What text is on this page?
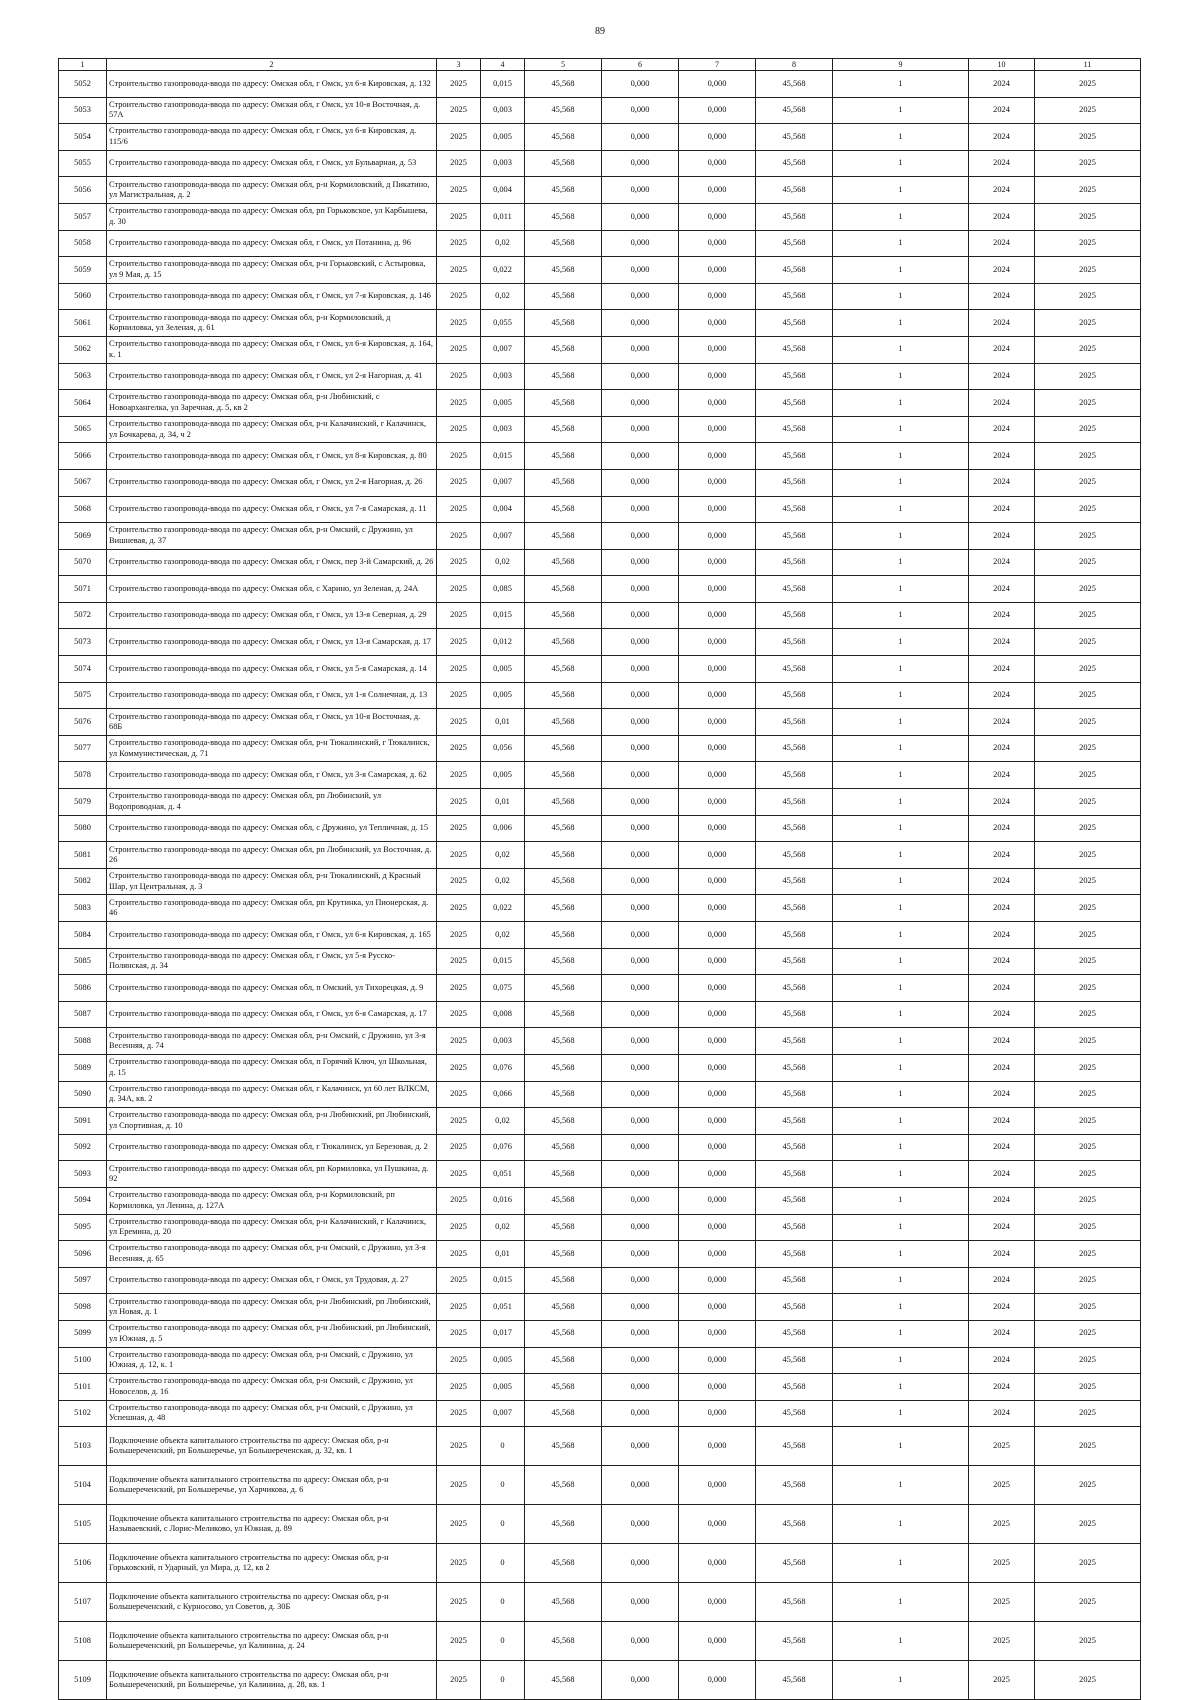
89
1	2	3	4	5	6	7	8	9	10	11
5052	Строительство газопровода-ввода по адресу: Омская обл, г Омск, ул 6-я Кировская, д. 132	2025	0,015	45,568	0,000	0,000	45,568	1	2024	2025
5053	Строительство газопровода-ввода по адресу: Омская обл, г Омск, ул 10-я Восточная, д. 57А	2025	0,003	45,568	0,000	0,000	45,568	1	2024	2025
5054	Строительство газопровода-ввода по адресу: Омская обл, г Омск, ул 6-я Кировская, д. 115/6	2025	0,005	45,568	0,000	0,000	45,568	1	2024	2025
5055	Строительство газопровода-ввода по адресу: Омская обл, г Омск, ул Бульварная, д. 53	2025	0,003	45,568	0,000	0,000	45,568	1	2024	2025
5056	Строительство газопровода-ввода по адресу: Омская обл, р-н Кормиловский, д Пикатино, ул Магистральная, д. 2	2025	0,004	45,568	0,000	0,000	45,568	1	2024	2025
5057	Строительство газопровода-ввода по адресу: Омская обл, рп Горьковское, ул Карбышева, д. 30	2025	0,011	45,568	0,000	0,000	45,568	1	2024	2025
5058	Строительство газопровода-ввода по адресу: Омская обл, г Омск, ул Потанина, д. 96	2025	0,02	45,568	0,000	0,000	45,568	1	2024	2025
5059	Строительство газопровода-ввода по адресу: Омская обл, р-н Горьковский, с Астыровка, ул 9 Мая, д. 15	2025	0,022	45,568	0,000	0,000	45,568	1	2024	2025
5060	Строительство газопровода-ввода по адресу: Омская обл, г Омск, ул 7-я Кировская, д. 146	2025	0,02	45,568	0,000	0,000	45,568	1	2024	2025
5061	Строительство газопровода-ввода по адресу: Омская обл, р-н Кормиловский, д Корниловка, ул Зеленая, д. 61	2025	0,055	45,568	0,000	0,000	45,568	1	2024	2025
5062	Строительство газопровода-ввода по адресу: Омская обл, г Омск, ул 6-я Кировская, д. 164, к. 1	2025	0,007	45,568	0,000	0,000	45,568	1	2024	2025
5063	Строительство газопровода-ввода по адресу: Омская обл, г Омск, ул 2-я Нагорная, д. 41	2025	0,003	45,568	0,000	0,000	45,568	1	2024	2025
5064	Строительство газопровода-ввода по адресу: Омская обл, р-н Любинский, с Новоархангелка, ул Заречная, д. 5, кв 2	2025	0,005	45,568	0,000	0,000	45,568	1	2024	2025
5065	Строительство газопровода-ввода по адресу: Омская обл, р-н Калачинский, г Калачинск, ул Бочкарева, д. 34, ч 2	2025	0,003	45,568	0,000	0,000	45,568	1	2024	2025
5066	Строительство газопровода-ввода по адресу: Омская обл, г Омск, ул 8-я Кировская, д. 80	2025	0,015	45,568	0,000	0,000	45,568	1	2024	2025
5067	Строительство газопровода-ввода по адресу: Омская обл, г Омск, ул 2-я Нагорная, д. 26	2025	0,007	45,568	0,000	0,000	45,568	1	2024	2025
5068	Строительство газопровода-ввода по адресу: Омская обл, г Омск, ул 7-я Самарская, д. 11	2025	0,004	45,568	0,000	0,000	45,568	1	2024	2025
5069	Строительство газопровода-ввода по адресу: Омская обл, р-н Омский, с Дружино, ул Вишневая, д. 37	2025	0,007	45,568	0,000	0,000	45,568	1	2024	2025
5070	Строительство газопровода-ввода по адресу: Омская обл, г Омск, пер 3-й Самарский, д. 26	2025	0,02	45,568	0,000	0,000	45,568	1	2024	2025
5071	Строительство газопровода-ввода по адресу: Омская обл, с Харино, ул Зеленая, д. 24А	2025	0,085	45,568	0,000	0,000	45,568	1	2024	2025
5072	Строительство газопровода-ввода по адресу: Омская обл, г Омск, ул 13-я Северная, д. 29	2025	0,015	45,568	0,000	0,000	45,568	1	2024	2025
5073	Строительство газопровода-ввода по адресу: Омская обл, г Омск, ул 13-я Самарская, д. 17	2025	0,012	45,568	0,000	0,000	45,568	1	2024	2025
5074	Строительство газопровода-ввода по адресу: Омская обл, г Омск, ул 5-я Самарская, д. 14	2025	0,005	45,568	0,000	0,000	45,568	1	2024	2025
5075	Строительство газопровода-ввода по адресу: Омская обл, г Омск, ул 1-я Солнечная, д. 13	2025	0,005	45,568	0,000	0,000	45,568	1	2024	2025
5076	Строительство газопровода-ввода по адресу: Омская обл, г Омск, ул 10-я Восточная, д. 68Б	2025	0,01	45,568	0,000	0,000	45,568	1	2024	2025
5077	Строительство газопровода-ввода по адресу: Омская обл, р-н Тюкалинский, г Тюкалинск, ул Коммунистическая, д. 71	2025	0,056	45,568	0,000	0,000	45,568	1	2024	2025
5078	Строительство газопровода-ввода по адресу: Омская обл, г Омск, ул 3-я Самарская, д. 62	2025	0,005	45,568	0,000	0,000	45,568	1	2024	2025
5079	Строительство газопровода-ввода по адресу: Омская обл, рп Любинский, ул Водопроводная, д. 4	2025	0,01	45,568	0,000	0,000	45,568	1	2024	2025
5080	Строительство газопровода-ввода по адресу: Омская обл, с Дружино, ул Тепличная, д. 15	2025	0,006	45,568	0,000	0,000	45,568	1	2024	2025
5081	Строительство газопровода-ввода по адресу: Омская обл, рп Любинский, ул Восточная, д. 26	2025	0,02	45,568	0,000	0,000	45,568	1	2024	2025
5082	Строительство газопровода-ввода по адресу: Омская обл, р-н Тюкалинский, д Красный Шар, ул Центральная, д. 3	2025	0,02	45,568	0,000	0,000	45,568	1	2024	2025
5083	Строительство газопровода-ввода по адресу: Омская обл, рп Крутинка, ул Пионерская, д. 46	2025	0,022	45,568	0,000	0,000	45,568	1	2024	2025
5084	Строительство газопровода-ввода по адресу: Омская обл, г Омск, ул 6-я Кировская, д. 165	2025	0,02	45,568	0,000	0,000	45,568	1	2024	2025
5085	Строительство газопровода-ввода по адресу: Омская обл, г Омск, ул 5-я Русско-Полянская, д. 34	2025	0,015	45,568	0,000	0,000	45,568	1	2024	2025
5086	Строительство газопровода-ввода по адресу: Омская обл, п Омский, ул Тихорецкая, д. 9	2025	0,075	45,568	0,000	0,000	45,568	1	2024	2025
5087	Строительство газопровода-ввода по адресу: Омская обл, г Омск, ул 6-я Самарская, д. 17	2025	0,008	45,568	0,000	0,000	45,568	1	2024	2025
5088	Строительство газопровода-ввода по адресу: Омская обл, р-н Омский, с Дружино, ул 3-я Весенняя, д. 74	2025	0,003	45,568	0,000	0,000	45,568	1	2024	2025
5089	Строительство газопровода-ввода по адресу: Омская обл, п Горячий Ключ, ул Школьная, д. 15	2025	0,076	45,568	0,000	0,000	45,568	1	2024	2025
5090	Строительство газопровода-ввода по адресу: Омская обл, г Калачинск, ул 60 лет ВЛКСМ, д. 34А, кв. 2	2025	0,066	45,568	0,000	0,000	45,568	1	2024	2025
5091	Строительство газопровода-ввода по адресу: Омская обл, р-н Любинский, рп Любинский, ул Спортивная, д. 10	2025	0,02	45,568	0,000	0,000	45,568	1	2024	2025
5092	Строительство газопровода-ввода по адресу: Омская обл, г Тюкалинск, ул Березовая, д. 2	2025	0,076	45,568	0,000	0,000	45,568	1	2024	2025
5093	Строительство газопровода-ввода по адресу: Омская обл, рп Кормиловка, ул Пушкина, д. 92	2025	0,051	45,568	0,000	0,000	45,568	1	2024	2025
5094	Строительство газопровода-ввода по адресу: Омская обл, р-н Кормиловский, рп Кормиловка, ул Ленина, д. 127А	2025	0,016	45,568	0,000	0,000	45,568	1	2024	2025
5095	Строительство газопровода-ввода по адресу: Омская обл, р-н Калачинский, г Калачинск, ул Еремина, д. 20	2025	0,02	45,568	0,000	0,000	45,568	1	2024	2025
5096	Строительство газопровода-ввода по адресу: Омская обл, р-н Омский, с Дружино, ул 3-я Весенняя, д. 65	2025	0,01	45,568	0,000	0,000	45,568	1	2024	2025
5097	Строительство газопровода-ввода по адресу: Омская обл, г Омск, ул Трудовая, д. 27	2025	0,015	45,568	0,000	0,000	45,568	1	2024	2025
5098	Строительство газопровода-ввода по адресу: Омская обл, р-н Любинский, рп Любинский, ул Новая, д. 1	2025	0,051	45,568	0,000	0,000	45,568	1	2024	2025
5099	Строительство газопровода-ввода по адресу: Омская обл, р-н Любинский, рп Любинский, ул Южная, д. 5	2025	0,017	45,568	0,000	0,000	45,568	1	2024	2025
5100	Строительство газопровода-ввода по адресу: Омская обл, р-н Омский, с Дружино, ул Южная, д. 12, к. 1	2025	0,005	45,568	0,000	0,000	45,568	1	2024	2025
5101	Строительство газопровода-ввода по адресу: Омская обл, р-н Омский, с Дружино, ул Новоселов, д. 16	2025	0,005	45,568	0,000	0,000	45,568	1	2024	2025
5102	Строительство газопровода-ввода по адресу: Омская обл, р-н Омский, с Дружино, ул Успешная, д. 48	2025	0,007	45,568	0,000	0,000	45,568	1	2024	2025
5103	Подключение объекта капитального строительства по адресу: Омская обл, р-н Большереченский, рп Большеречье, ул Большереченская, д. 32, кв. 1	2025	0	45,568	0,000	0,000	45,568	1	2025	2025
5104	Подключение объекта капитального строительства по адресу: Омская обл, р-н Большереченский, рп Большеречье, ул Харчикова, д. 6	2025	0	45,568	0,000	0,000	45,568	1	2025	2025
5105	Подключение объекта капитального строительства по адресу: Омская обл, р-н Называевский, с Лорис-Меликово, ул Южная, д. 89	2025	0	45,568	0,000	0,000	45,568	1	2025	2025
5106	Подключение объекта капитального строительства по адресу: Омская обл, р-н Горьковский, п Ударный, ул Мира, д. 12, кв 2	2025	0	45,568	0,000	0,000	45,568	1	2025	2025
5107	Подключение объекта капитального строительства по адресу: Омская обл, р-н Большереченский, с Курносово, ул Советов, д. 30Б	2025	0	45,568	0,000	0,000	45,568	1	2025	2025
5108	Подключение объекта капитального строительства по адресу: Омская обл, р-н Большереченский, рп Большеречье, ул Калинина, д. 24	2025	0	45,568	0,000	0,000	45,568	1	2025	2025
5109	Подключение объекта капитального строительства по адресу: Омская обл, р-н Большереченский, рп Большеречье, ул Калинина, д. 28, кв. 1	2025	0	45,568	0,000	0,000	45,568	1	2025	2025
